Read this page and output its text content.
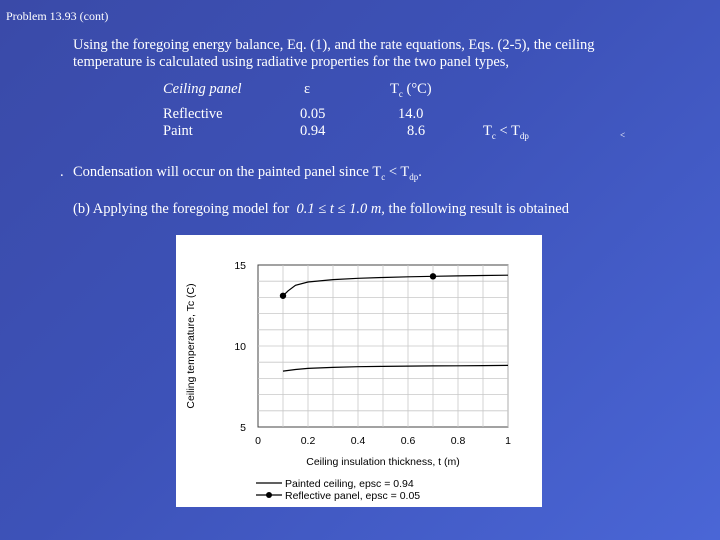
Problem 13.93 (cont)
Using the foregoing energy balance, Eq. (1), and the rate equations, Eqs. (2-5), the ceiling
temperature is calculated using radiative properties for the two panel types,
Ceiling panel	ε	$T_c$ (°C)
Reflective	0.05	14.0
Paint	0.94	8.6	$T_c < T_{dp}$	<
. Condensation will occur on the painted panel since $T_c < T_{dp}$.
(b) Applying the foregoing model for 0.1 ≤ t ≤ 1.0 m, the following result is obtained
0	0.2	0.4	0.6	0.8	1
5
10
15
Ceiling insulation thickness, t (m)
Ceiling temperature, Tc (C)
Painted ceiling, epsc = 0.94
Reflective panel, epsc = 0.05
